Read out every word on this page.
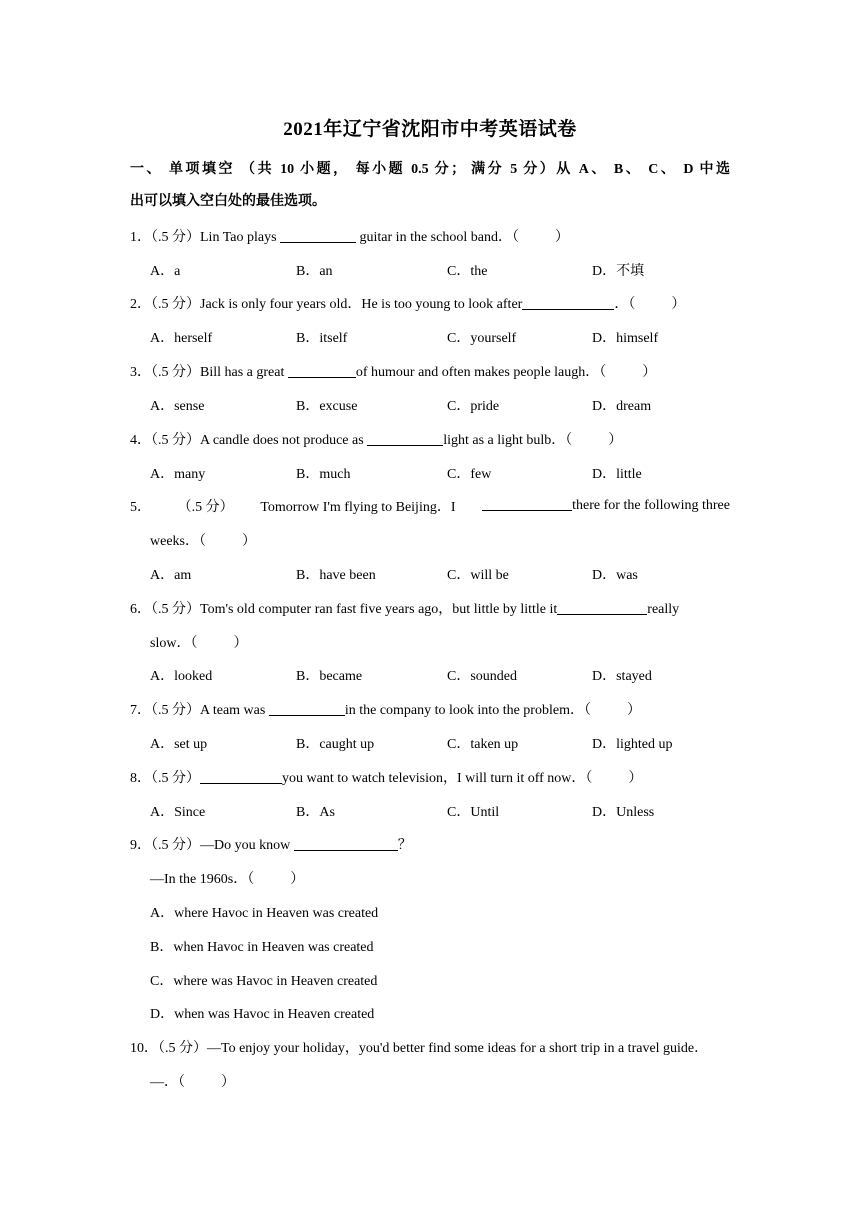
2021年辽宁省沈阳市中考英语试卷
一、 单项填空 （共 10 小题， 每小题 0.5 分； 满分 5 分）从 A、 B、 C、 D 中选
出可以填入空白处的最佳选项。
1．（.5 分）Lin Tao plays	guitar in the school band．（	）
A．a	B．an	C．the	D．不填
2．（.5 分）Jack is only four years old．He is too young to look after	．（	）
A．herself	B．itself	C．yourself	D．himself
3．（.5 分）Bill has a great	of humour and often makes people laugh．（	）
A．sense	B．excuse	C．pride	D．dream
4．（.5 分）A candle does not produce as	light as a light bulb．（	）
A．many	B．much	C．few	D．little
5． （.5 分） Tomorrow I'm flying to Beijing．I	there for the following three
weeks．（	）
A．am	B．have been	C．will be	D．was
6．（.5 分）Tom's old computer ran fast five years ago，but little by little it	really
slow．（	）
A．looked	B．became	C．sounded	D．stayed
7．（.5 分）A team was	in the company to look into the problem．（	）
A．set up	B．caught up	C．taken up	D．lighted up
8．（.5 分）	you want to watch television，I will turn it off now．（	）
A．Since	B．As	C．Until	D．Unless
9．（.5 分）—Do you know	？
—In the 1960s．（	）
A．where Havoc in Heaven was created
B．when Havoc in Heaven was created
C．where was Havoc in Heaven created
D．when was Havoc in Heaven created
10．（.5 分）—To enjoy your holiday，you'd better find some ideas for a short trip in a travel guide．
—．（	）
